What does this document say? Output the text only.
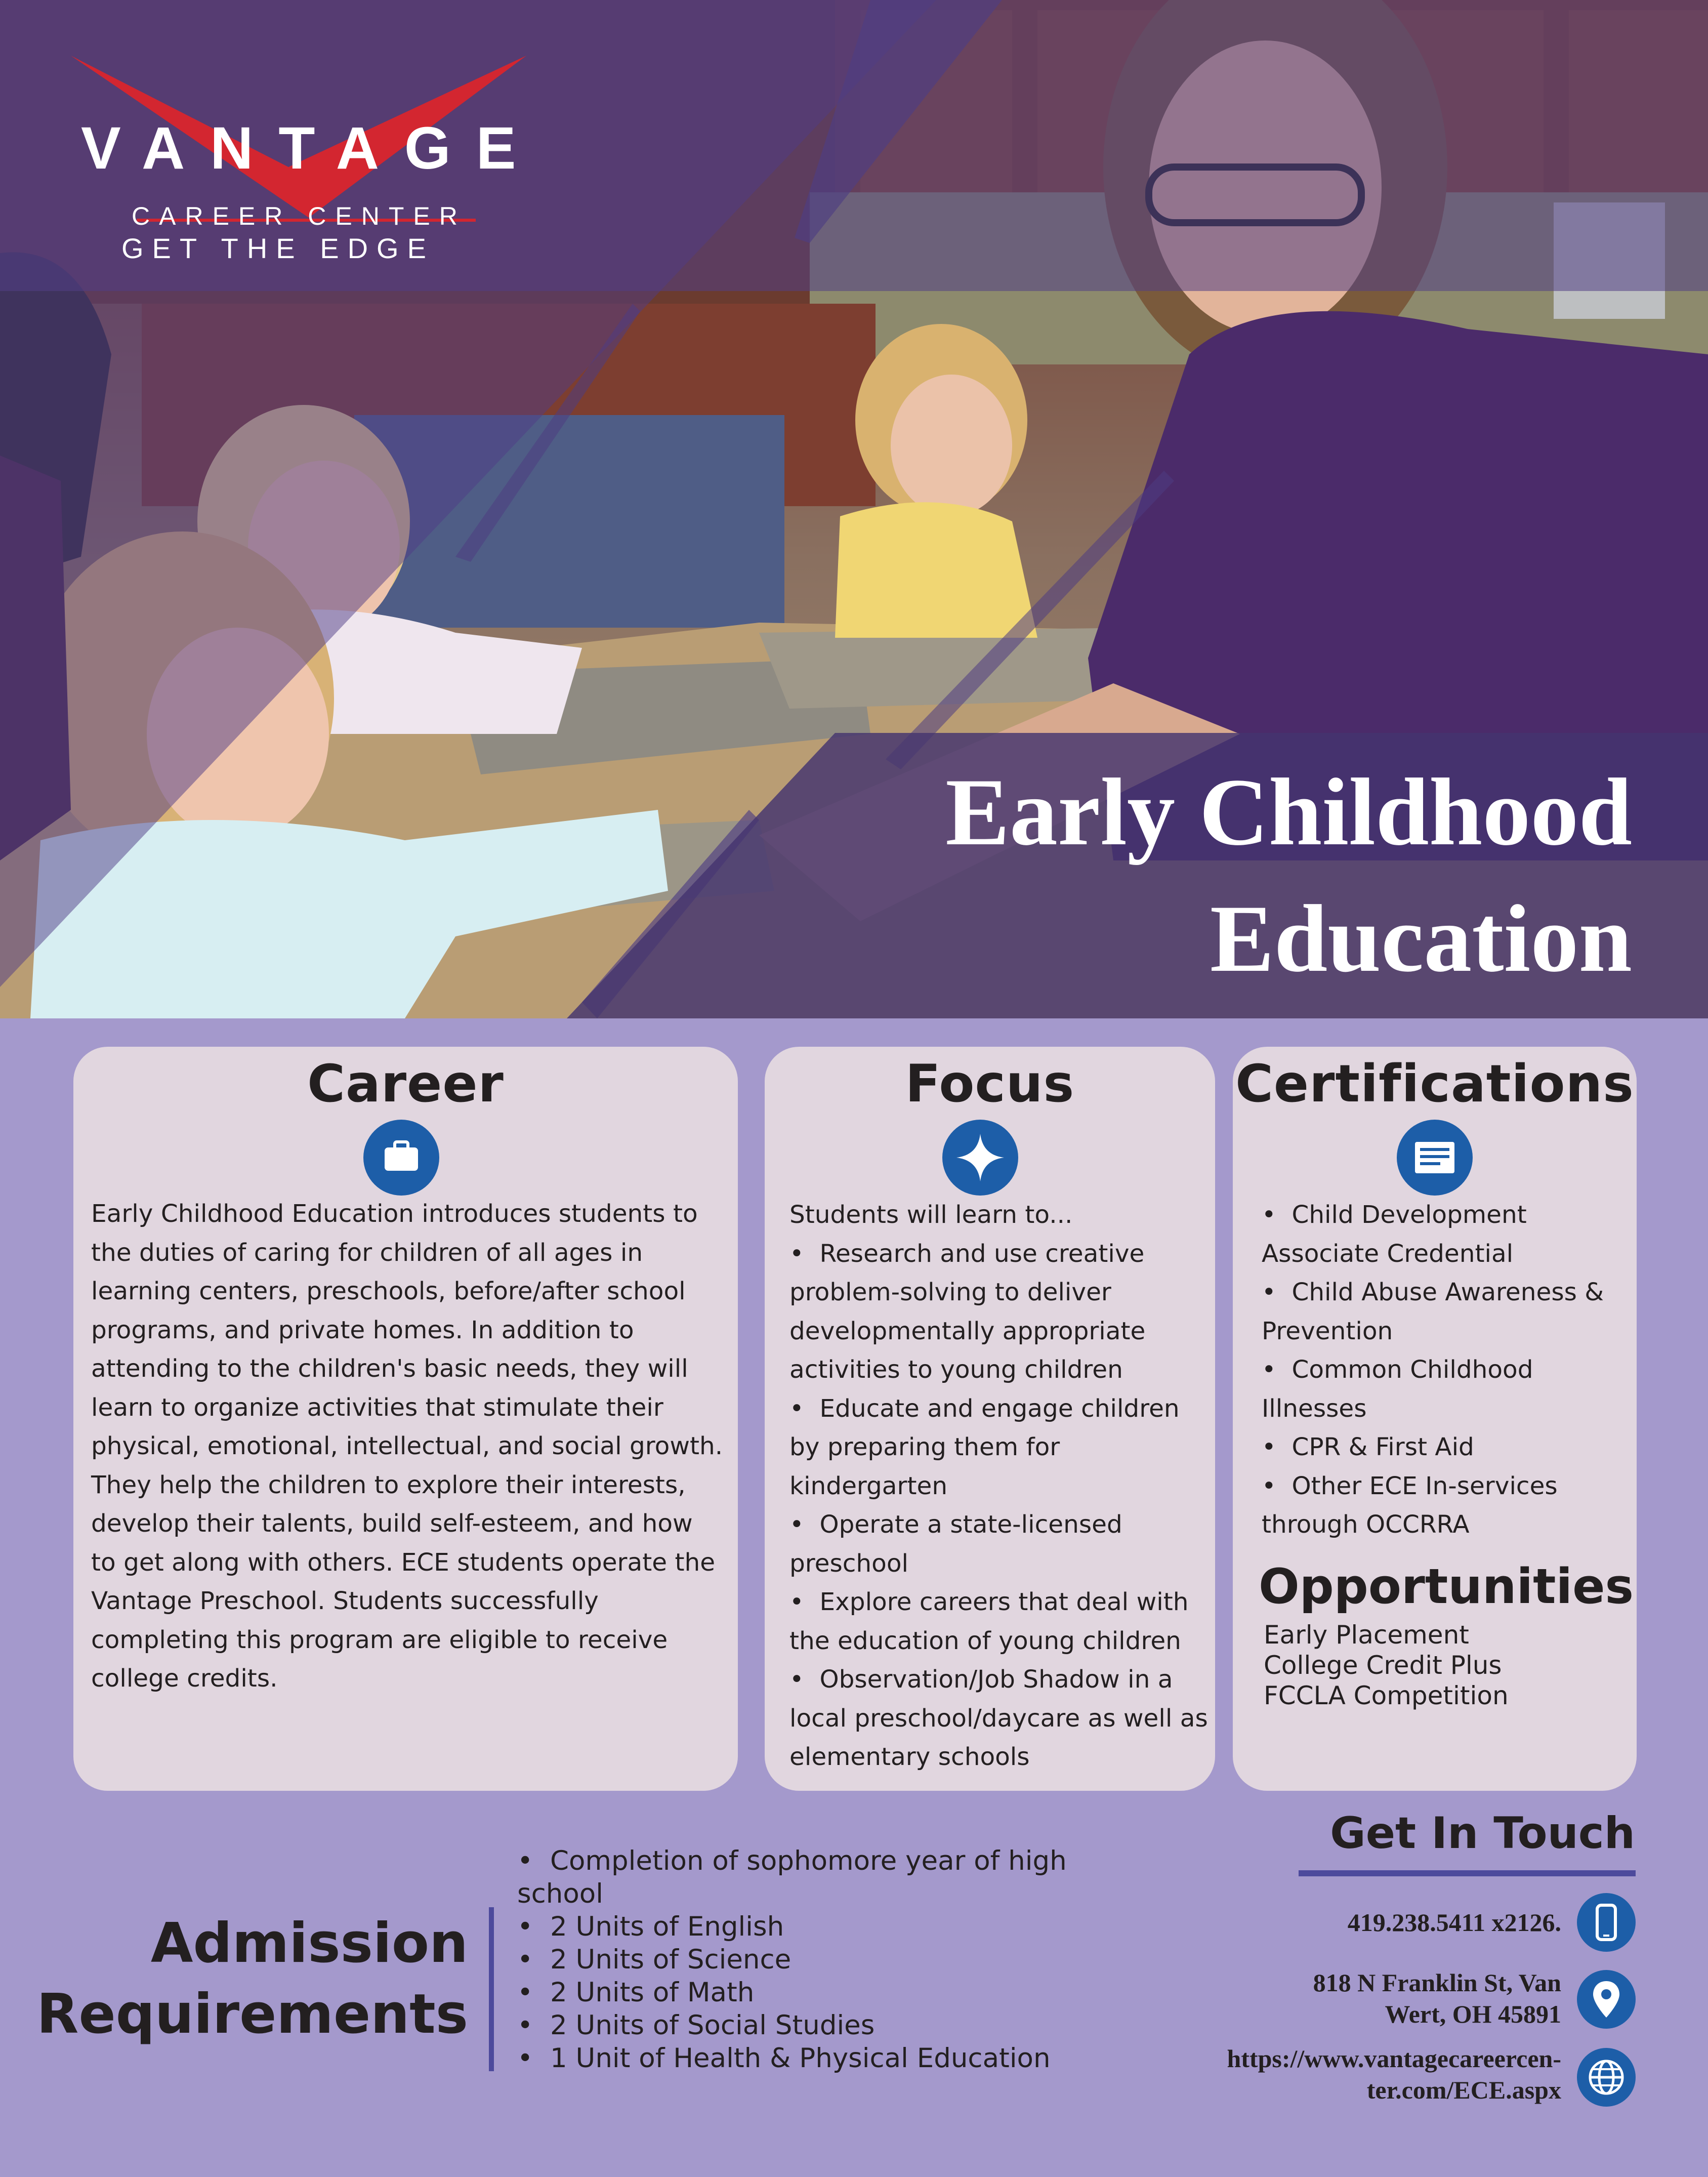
VANTAGE
CAREER CENTER
GET THE EDGE
Early Childhood
Education
Career

Early Childhood Education introduces students to the duties of caring for children of all ages in learning centers, preschools, before/after school programs, and private homes. In addition to attending to the children's basic needs, they will learn to organize activities that stimulate their physical, emotional, intellectual, and social growth. They help the children to explore their interests, develop their talents, build self-esteem, and how to get along with others. ECE students operate the Vantage Preschool. Students successfully completing this program are eligible to receive college credits.

Focus

Students will learn to...

•  Research and use creative problem-solving to deliver developmentally appropriate activities to young children

•  Educate and engage children by preparing them for kindergarten

•  Operate a state-licensed preschool

•  Explore careers that deal with the education of young children

•  Observation/Job Shadow in a local preschool/daycare as well as elementary schools

Certifications

•  Child Development Associate Credential

•  Child Abuse Awareness & Prevention

•  Common Childhood Illnesses

•  CPR & First Aid

•  Other ECE In-services through OCCRRA

Opportunities
Early Placement
College Credit Plus
FCCLA Competition
Admission
Requirements
•  Completion of sophomore year of high school
•  2 Units of English
•  2 Units of Science
•  2 Units of Math
•  2 Units of Social Studies
•  1 Unit of Health & Physical Education
Get In Touch
419.238.5411 x2126.
818 N Franklin St, Van
Wert, OH 45891
https://www.vantagecareercen-
ter.com/ECE.aspx
